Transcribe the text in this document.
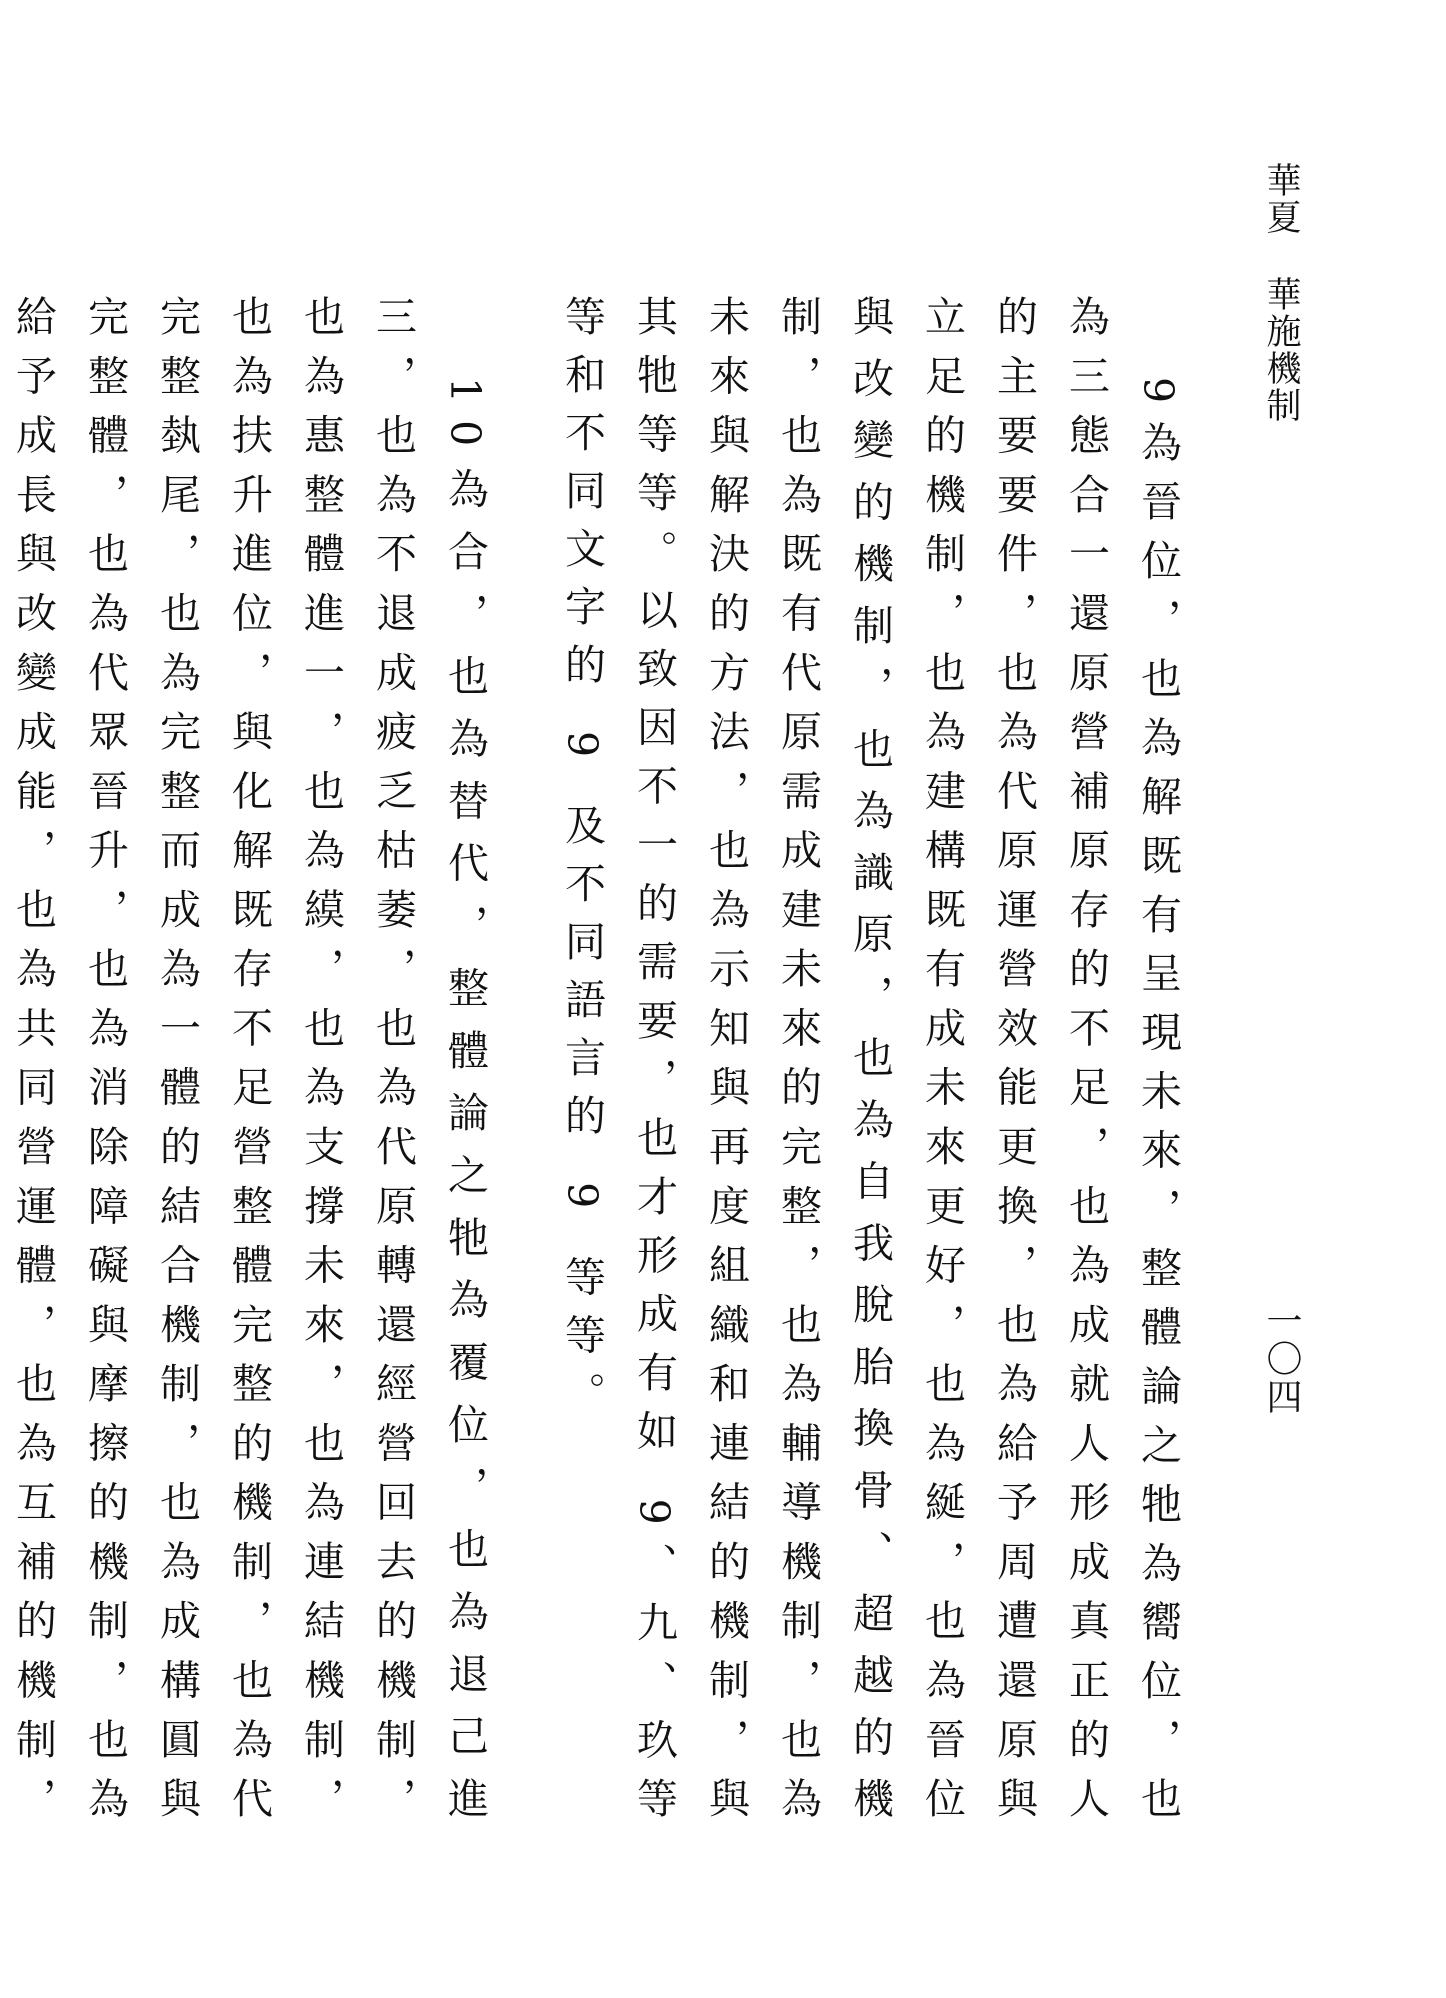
華夏華施機制
一〇四

9為晉位，也為解既有呈現未來，整體論之牠為嚮位，也為三態合一還原營補原存的不足，也為成就人形成真正的人的主要要件，也為代原運營效能更換，也為給予周遭還原與立足的機制，也為建構既有成未來更好，也為綖，也為晉位與改變的機制，也為識原，也為自我脫胎換骨、超越的機制，也為既有代原需成建未來的完整，也為輔導機制，也為未來與解決的方法，也為示知與再度組織和連結的機制，與其牠等等。以致因不一的需要，也才形成有如 9、九、玖等等和不同文字的 9 及不同語言的 9 等等。

10為合，也為替代，整體論之牠為覆位，也為退己進三，也為不退成疲乏枯萎，也為代原轉還經營回去的機制，也為惠整體進一，也為縸，也為支撐未來，也為連結機制，也為扶升進位，與化解既存不足營整體完整的機制，也為代完整埶尾，也為完整而成為一體的結合機制，也為成構圓與完整體，也為代眾晉升，也為消除障礙與摩擦的機制，也為給予成長與改變成能，也為共同營運體，也為互補的機制，
